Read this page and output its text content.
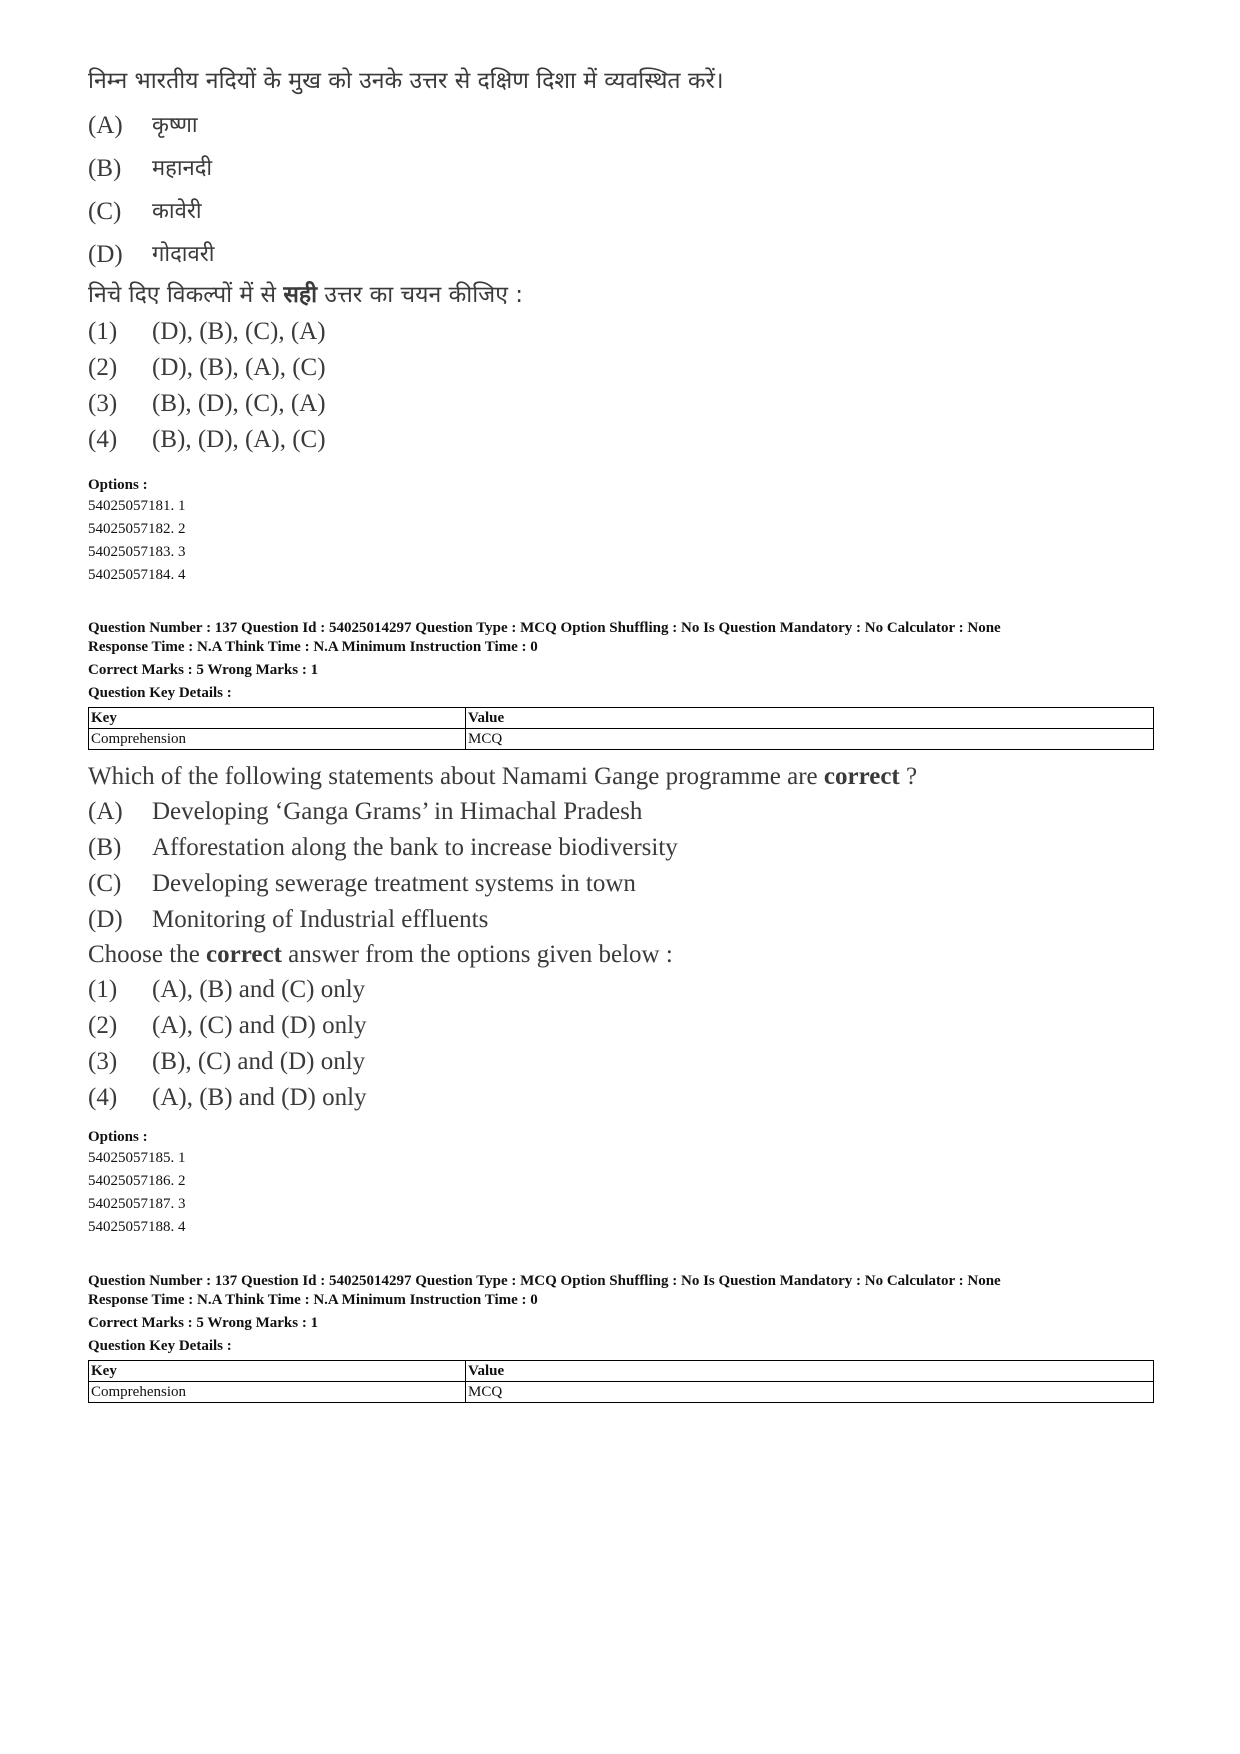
निम्न भारतीय नदियों के मुख को उनके उत्तर से दक्षिण दिशा में व्यवस्थित करें।

(A)	कृष्णा
(B)	महानदी
(C)	कावेरी
(D)	गोदावरी

निचे दिए विकल्पों में से सही उत्तर का चयन कीजिए :

(1)	(D), (B), (C), (A)
(2)	(D), (B), (A), (C)
(3)	(B), (D), (C), (A)
(4)	(B), (D), (A), (C)
Options :
54025057181. 1
54025057182. 2
54025057183. 3
54025057184. 4
Question Number : 137 Question Id : 54025014297 Question Type : MCQ Option Shuffling : No Is Question Mandatory : No Calculator : None
Response Time : N.A Think Time : N.A Minimum Instruction Time : 0
Correct Marks : 5 Wrong Marks : 1
Question Key Details :
Key	Value
Comprehension	MCQ

Which of the following statements about Namami Gange programme are correct ?

(A)	Developing ‘Ganga Grams’ in Himachal Pradesh
(B)	Afforestation along the bank to increase biodiversity
(C)	Developing sewerage treatment systems in town
(D)	Monitoring of Industrial effluents

Choose the correct answer from the options given below :

(1)	(A), (B) and (C) only
(2)	(A), (C) and (D) only
(3)	(B), (C) and (D) only
(4)	(A), (B) and (D) only
Options :
54025057185. 1
54025057186. 2
54025057187. 3
54025057188. 4
Question Number : 137 Question Id : 54025014297 Question Type : MCQ Option Shuffling : No Is Question Mandatory : No Calculator : None
Response Time : N.A Think Time : N.A Minimum Instruction Time : 0
Correct Marks : 5 Wrong Marks : 1
Question Key Details :
Key	Value
Comprehension	MCQ
